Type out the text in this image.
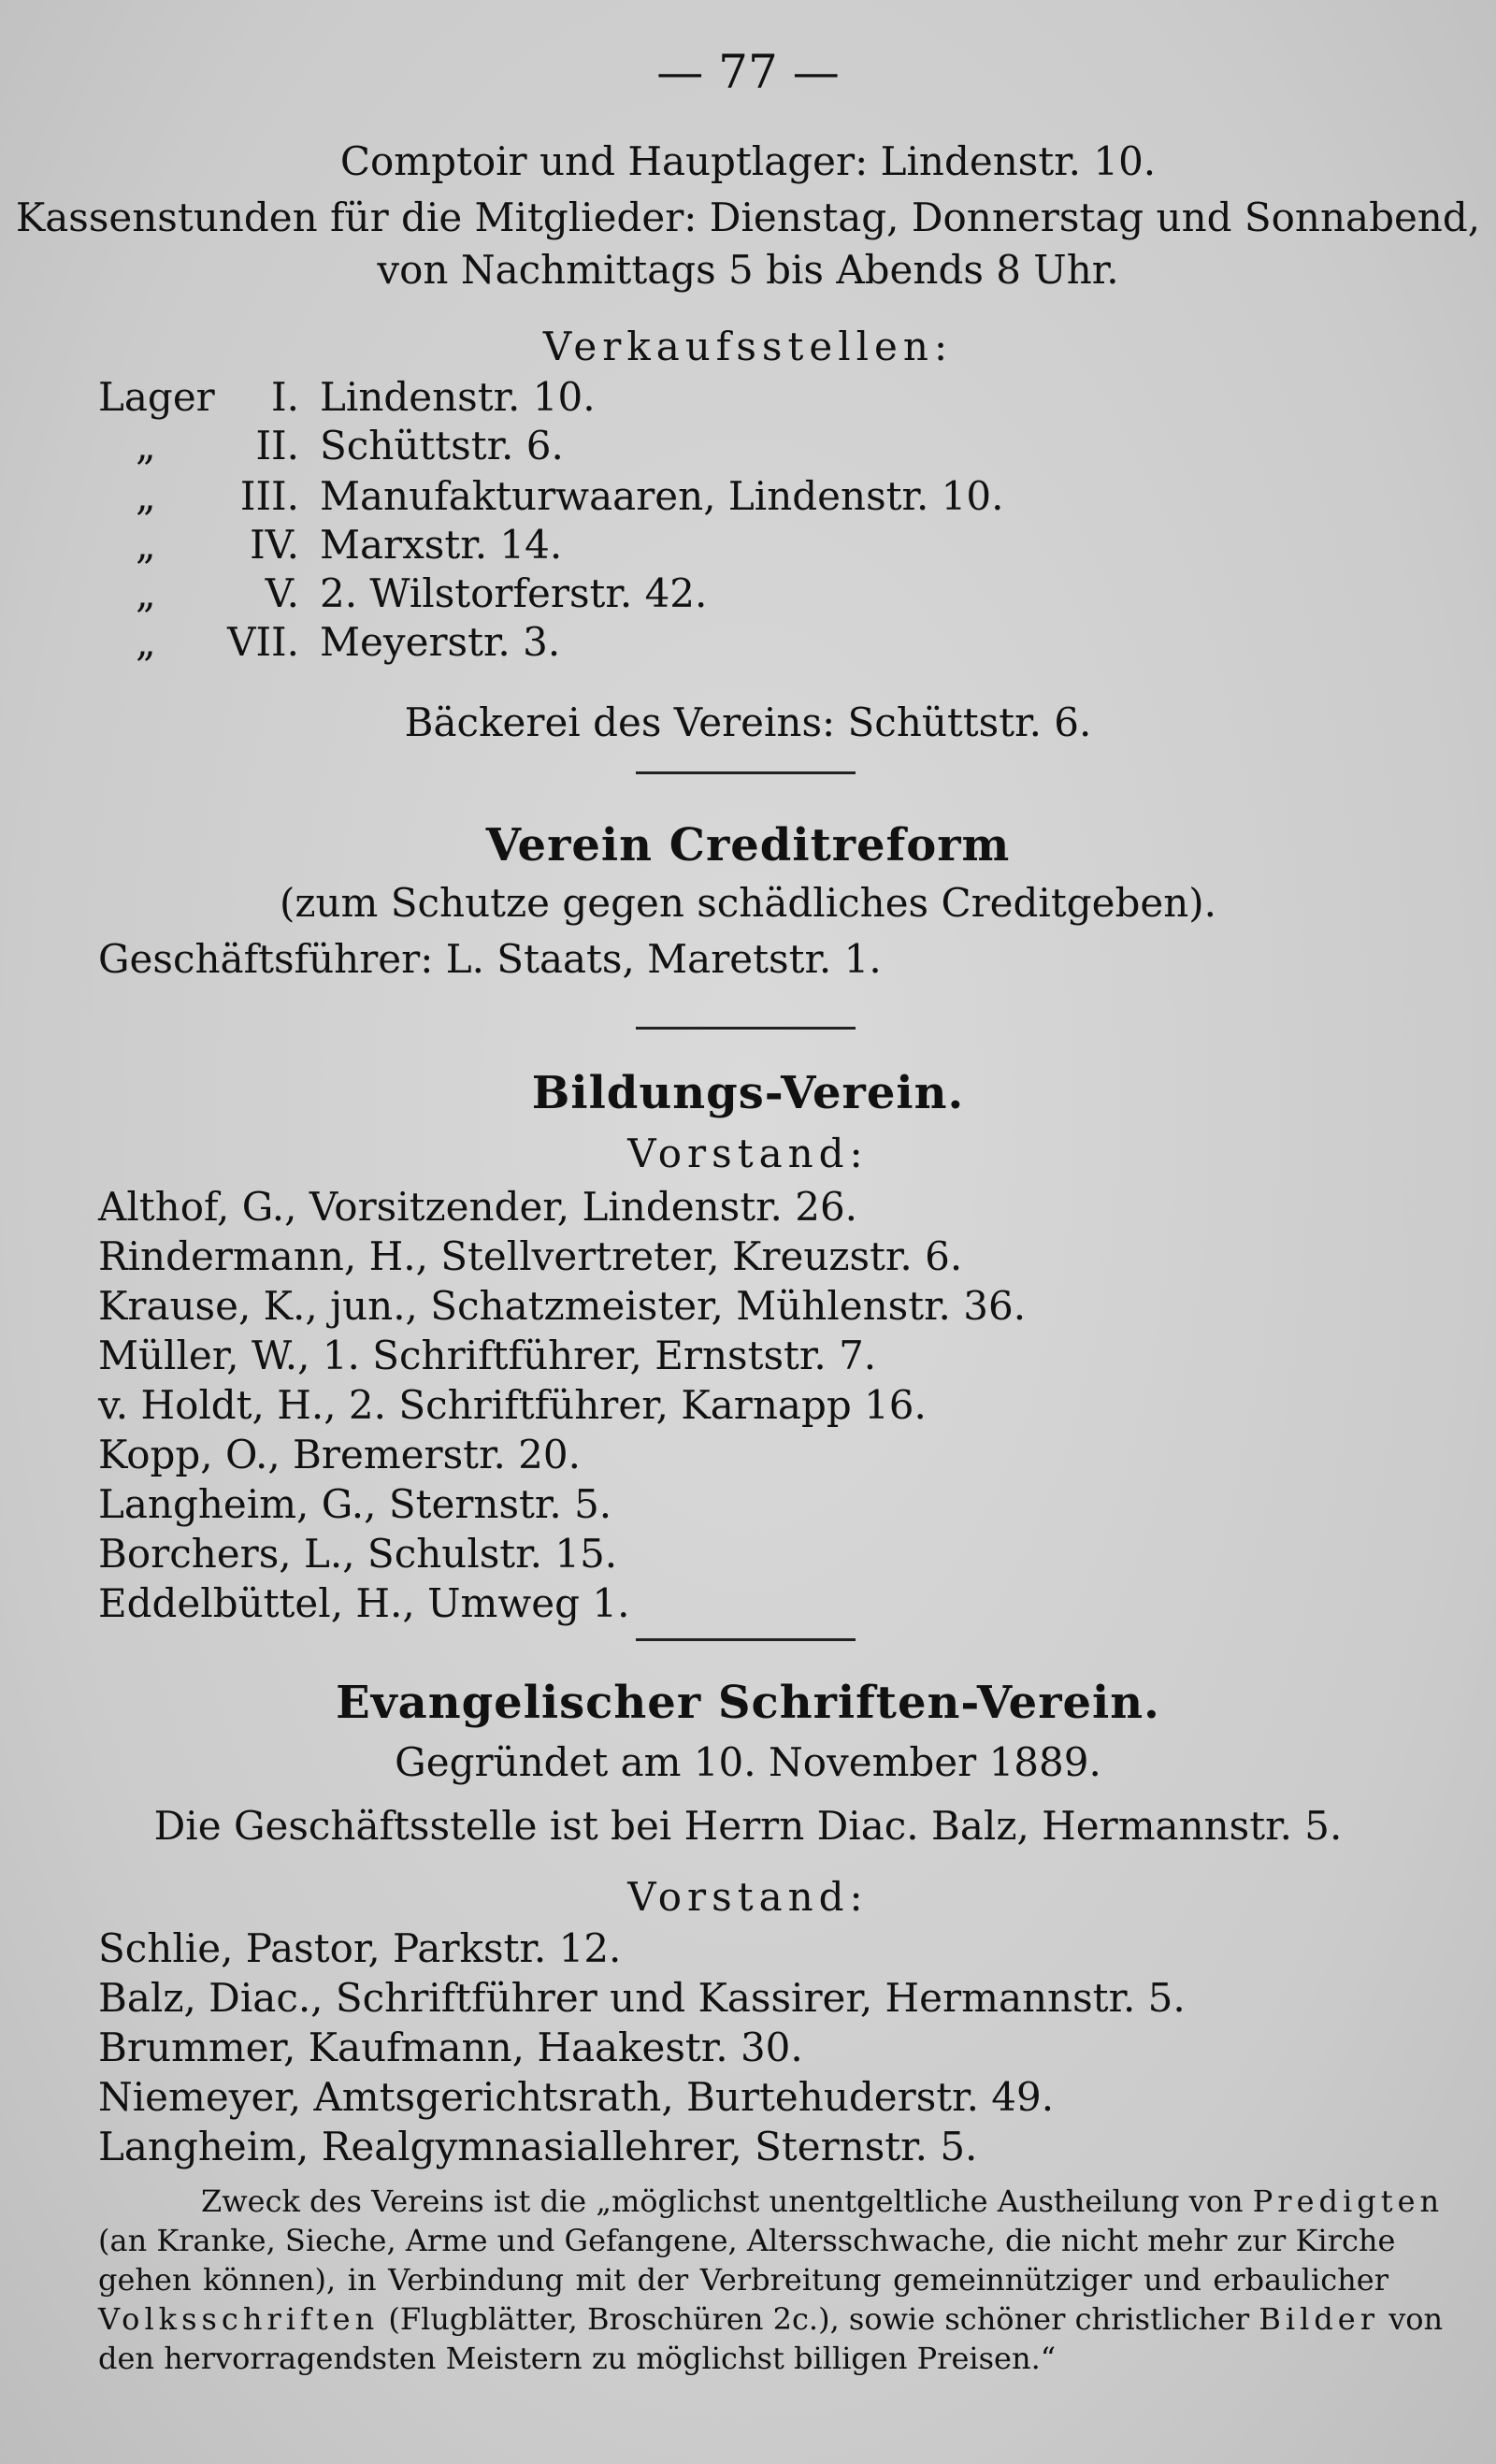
— 77 —
Comptoir und Hauptlager: Lindenstr. 10.
Kassenstunden für die Mitglieder: Dienstag, Donnerstag und Sonnabend,
von Nachmittags 5 bis Abends 8 Uhr.
Verkaufsstellen:
Lager I. Lindenstr. 10.
„	II. Schüttstr. 6.
„ III. Manufakturwaaren, Lindenstr. 10.
„ IV. Marxstr. 14.
„	V. 2. Wilstorferstr. 42.
„ VII. Meyerstr. 3.
Bäckerei des Vereins: Schüttstr. 6.
Verein Creditreform
(zum Schutze gegen schädliches Creditgeben).
Geschäftsführer: L. Staats, Maretstr. 1.
Bildungs-Verein.
Vorstand:
Althof, G., Vorsitzender, Lindenstr. 26.
Rindermann, H., Stellvertreter, Kreuzstr. 6.
Krause, K., jun., Schatzmeister, Mühlenstr. 36.
Müller, W., 1. Schriftführer, Ernststr. 7.
v. Holdt, H., 2. Schriftführer, Karnapp 16.
Kopp, O., Bremerstr. 20.
Langheim, G., Sternstr. 5.
Borchers, L., Schulstr. 15.
Eddelbüttel, H., Umweg 1.
Evangelischer Schriften-Verein.
Gegründet am 10. November 1889.
Die Geschäftsstelle ist bei Herrn Diac. Balz, Hermannstr. 5.
Vorstand:
Schlie, Pastor, Parkstr. 12.
Balz, Diac., Schriftführer und Kassirer, Hermannstr. 5.
Brummer, Kaufmann, Haakestr. 30.
Niemeyer, Amtsgerichtsrath, Burtehuderstr. 49.
Langheim, Realgymnasiallehrer, Sternstr. 5.
Zweck des Vereins ist die „möglichst unentgeltliche Austheilung von Predigten
(an Kranke, Sieche, Arme und Gefangene, Altersschwache, die nicht mehr zur Kirche
gehen können), in Verbindung mit der Verbreitung gemeinnütziger und erbaulicher
Volksschriften (Flugblätter, Broschüren 2c.), sowie schöner christlicher Bilder von
den hervorragendsten Meistern zu möglichst billigen Preisen.“
